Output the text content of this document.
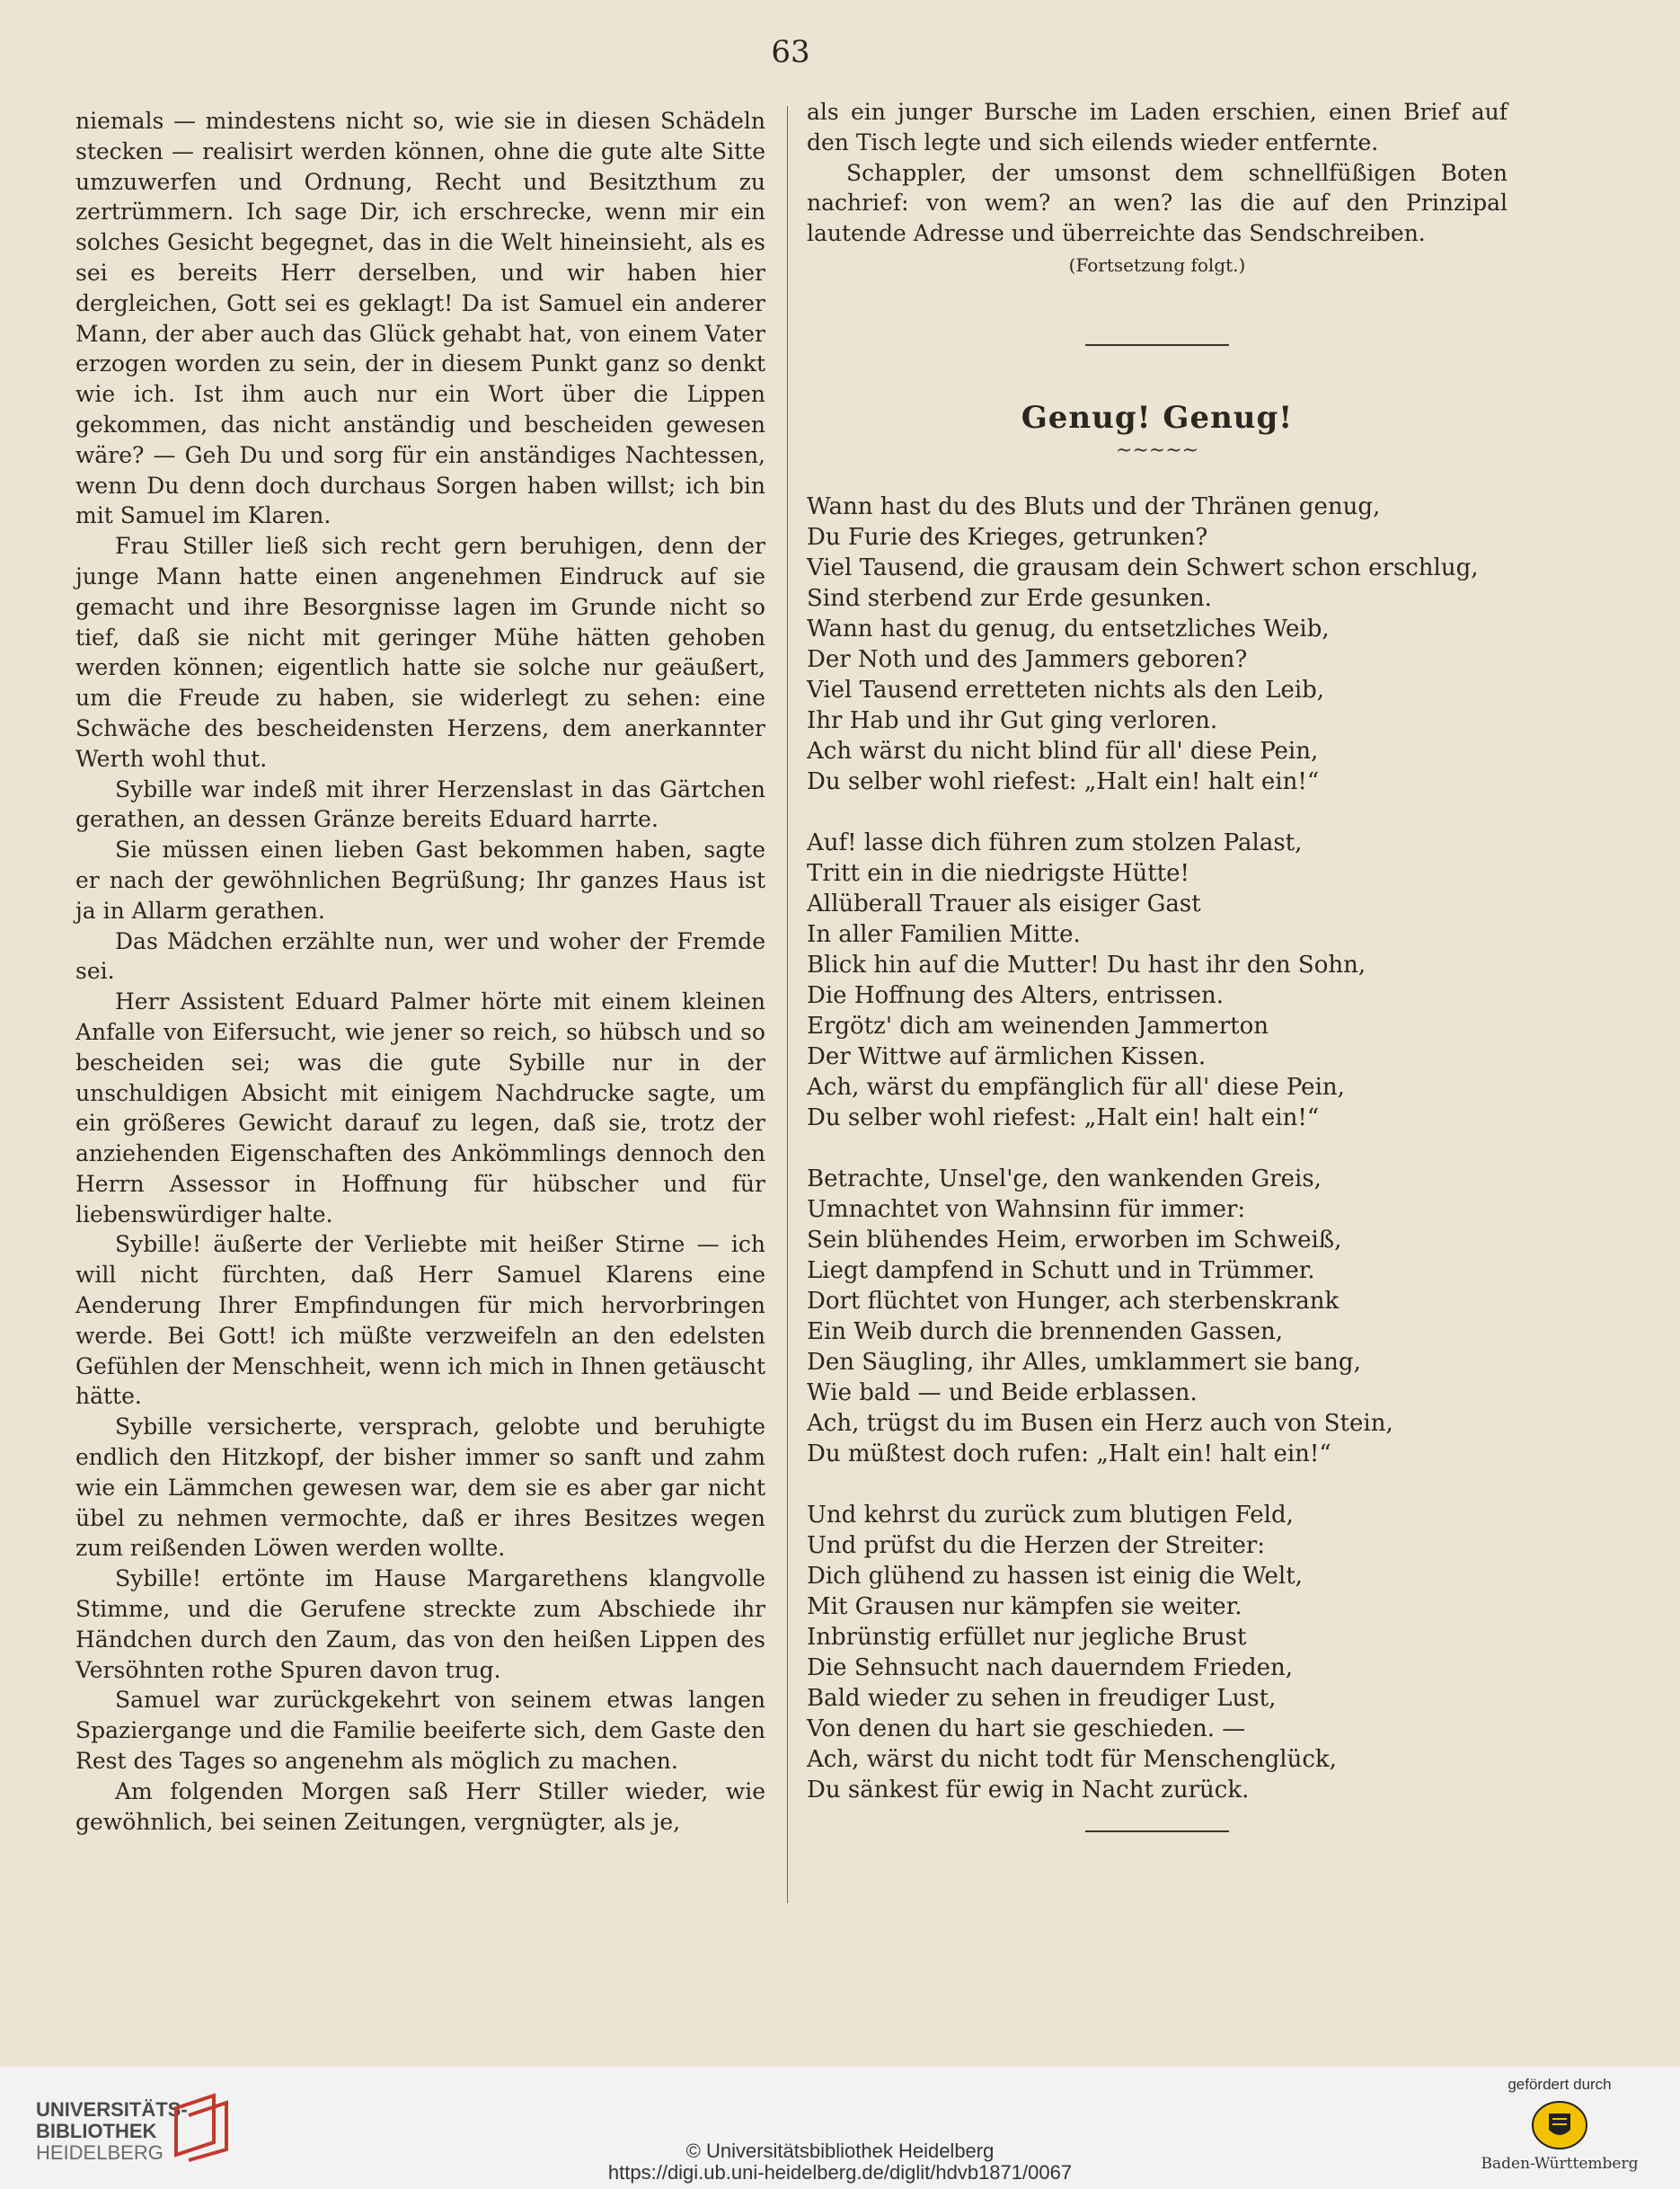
63

niemals — mindestens nicht so, wie sie in diesen Schädeln stecken — realisirt werden können, ohne die gute alte Sitte umzuwerfen und Ordnung, Recht und Besitzthum zu zertrümmern. Ich sage Dir, ich erschrecke, wenn mir ein solches Gesicht begegnet, das in die Welt hineinsieht, als es sei es bereits Herr derselben, und wir haben hier dergleichen, Gott sei es geklagt! Da ist Samuel ein anderer Mann, der aber auch das Glück gehabt hat, von einem Vater erzogen worden zu sein, der in diesem Punkt ganz so denkt wie ich. Ist ihm auch nur ein Wort über die Lippen gekommen, das nicht anständig und bescheiden gewesen wäre? — Geh Du und sorg für ein anständiges Nachtessen, wenn Du denn doch durchaus Sorgen haben willst; ich bin mit Samuel im Klaren.

Frau Stiller ließ sich recht gern beruhigen, denn der junge Mann hatte einen angenehmen Eindruck auf sie gemacht und ihre Besorgnisse lagen im Grunde nicht so tief, daß sie nicht mit geringer Mühe hätten gehoben werden können; eigentlich hatte sie solche nur geäußert, um die Freude zu haben, sie widerlegt zu sehen: eine Schwäche des bescheidensten Herzens, dem anerkannter Werth wohl thut.

Sybille war indeß mit ihrer Herzenslast in das Gärtchen gerathen, an dessen Gränze bereits Eduard harrte.

Sie müssen einen lieben Gast bekommen haben, sagte er nach der gewöhnlichen Begrüßung; Ihr ganzes Haus ist ja in Allarm gerathen.

Das Mädchen erzählte nun, wer und woher der Fremde sei.

Herr Assistent Eduard Palmer hörte mit einem kleinen Anfalle von Eifersucht, wie jener so reich, so hübsch und so bescheiden sei; was die gute Sybille nur in der unschuldigen Absicht mit einigem Nachdrucke sagte, um ein größeres Gewicht darauf zu legen, daß sie, trotz der anziehenden Eigenschaften des Ankömmlings dennoch den Herrn Assessor in Hoffnung für hübscher und für liebenswürdiger halte.

Sybille! äußerte der Verliebte mit heißer Stirne — ich will nicht fürchten, daß Herr Samuel Klarens eine Aenderung Ihrer Empfindungen für mich hervorbringen werde. Bei Gott! ich müßte verzweifeln an den edelsten Gefühlen der Menschheit, wenn ich mich in Ihnen getäuscht hätte.

Sybille versicherte, versprach, gelobte und beruhigte endlich den Hitzkopf, der bisher immer so sanft und zahm wie ein Lämmchen gewesen war, dem sie es aber gar nicht übel zu nehmen vermochte, daß er ihres Besitzes wegen zum reißenden Löwen werden wollte.

Sybille! ertönte im Hause Margarethens klangvolle Stimme, und die Gerufene streckte zum Abschiede ihr Händchen durch den Zaum, das von den heißen Lippen des Versöhnten rothe Spuren davon trug.

Samuel war zurückgekehrt von seinem etwas langen Spaziergange und die Familie beeiferte sich, dem Gaste den Rest des Tages so angenehm als möglich zu machen.

Am folgenden Morgen saß Herr Stiller wieder, wie gewöhnlich, bei seinen Zeitungen, vergnügter, als je,

als ein junger Bursche im Laden erschien, einen Brief auf den Tisch legte und sich eilends wieder entfernte.

Schappler, der umsonst dem schnellfüßigen Boten nachrief: von wem? an wen? las die auf den Prinzipal lautende Adresse und überreichte das Sendschreiben.

(Fortsetzung folgt.)
Genug! Genug!
~~~~~
Wann hast du des Bluts und der Thränen genug,
Du Furie des Krieges, getrunken?
Viel Tausend, die grausam dein Schwert schon erschlug,
Sind sterbend zur Erde gesunken.
Wann hast du genug, du entsetzliches Weib,
Der Noth und des Jammers geboren?
Viel Tausend erretteten nichts als den Leib,
Ihr Hab und ihr Gut ging verloren.
Ach wärst du nicht blind für all' diese Pein,
Du selber wohl riefest: „Halt ein! halt ein!“
Auf! lasse dich führen zum stolzen Palast,
Tritt ein in die niedrigste Hütte!
Allüberall Trauer als eisiger Gast
In aller Familien Mitte.
Blick hin auf die Mutter! Du hast ihr den Sohn,
Die Hoffnung des Alters, entrissen.
Ergötz' dich am weinenden Jammerton
Der Wittwe auf ärmlichen Kissen.
Ach, wärst du empfänglich für all' diese Pein,
Du selber wohl riefest: „Halt ein! halt ein!“
Betrachte, Unsel'ge, den wankenden Greis,
Umnachtet von Wahnsinn für immer:
Sein blühendes Heim, erworben im Schweiß,
Liegt dampfend in Schutt und in Trümmer.
Dort flüchtet von Hunger, ach sterbenskrank
Ein Weib durch die brennenden Gassen,
Den Säugling, ihr Alles, umklammert sie bang,
Wie bald — und Beide erblassen.
Ach, trügst du im Busen ein Herz auch von Stein,
Du müßtest doch rufen: „Halt ein! halt ein!“
Und kehrst du zurück zum blutigen Feld,
Und prüfst du die Herzen der Streiter:
Dich glühend zu hassen ist einig die Welt,
Mit Grausen nur kämpfen sie weiter.
Inbrünstig erfüllet nur jegliche Brust
Die Sehnsucht nach dauerndem Frieden,
Bald wieder zu sehen in freudiger Lust,
Von denen du hart sie geschieden. —
Ach, wärst du nicht todt für Menschenglück,
Du sänkest für ewig in Nacht zurück.
UNIVERSITÄTS-
BIBLIOTHEK
HEIDELBERG	© Universitätsbibliothek Heidelberg
https://digi.ub.uni-heidelberg.de/diglit/hdvb1871/0067
gefördert durch
Baden-Württemberg
